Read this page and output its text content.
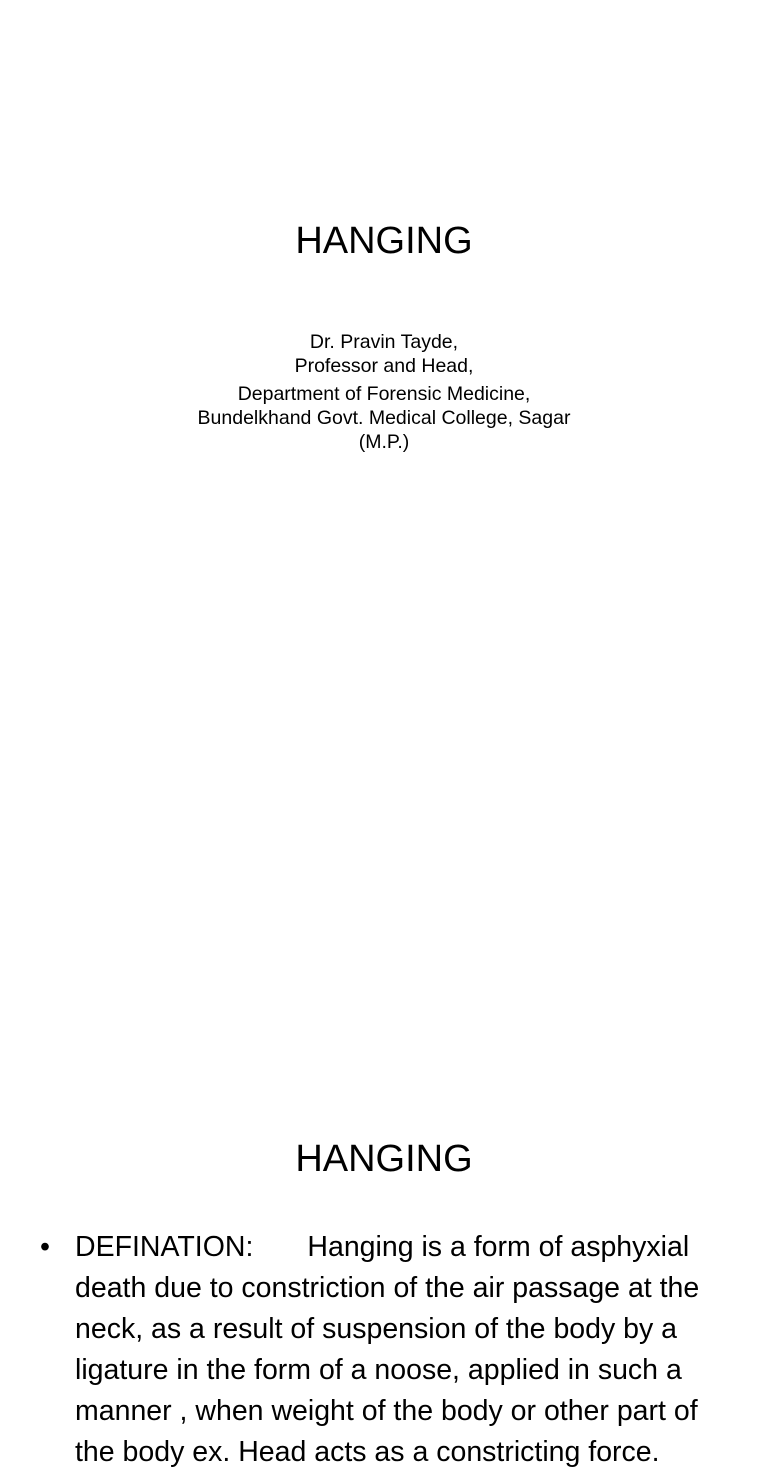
HANGING
Dr. Pravin Tayde,
Professor and Head,
Department of Forensic Medicine,
Bundelkhand Govt. Medical College, Sagar
(M.P.)
HANGING
• DEFINATION: Hanging is a form of asphyxial death due to constriction of the air passage at the neck, as a result of suspension of the body by a ligature in the form of a noose, applied in such a manner , when weight of the body or other part of the body ex. Head acts as a constricting force.
